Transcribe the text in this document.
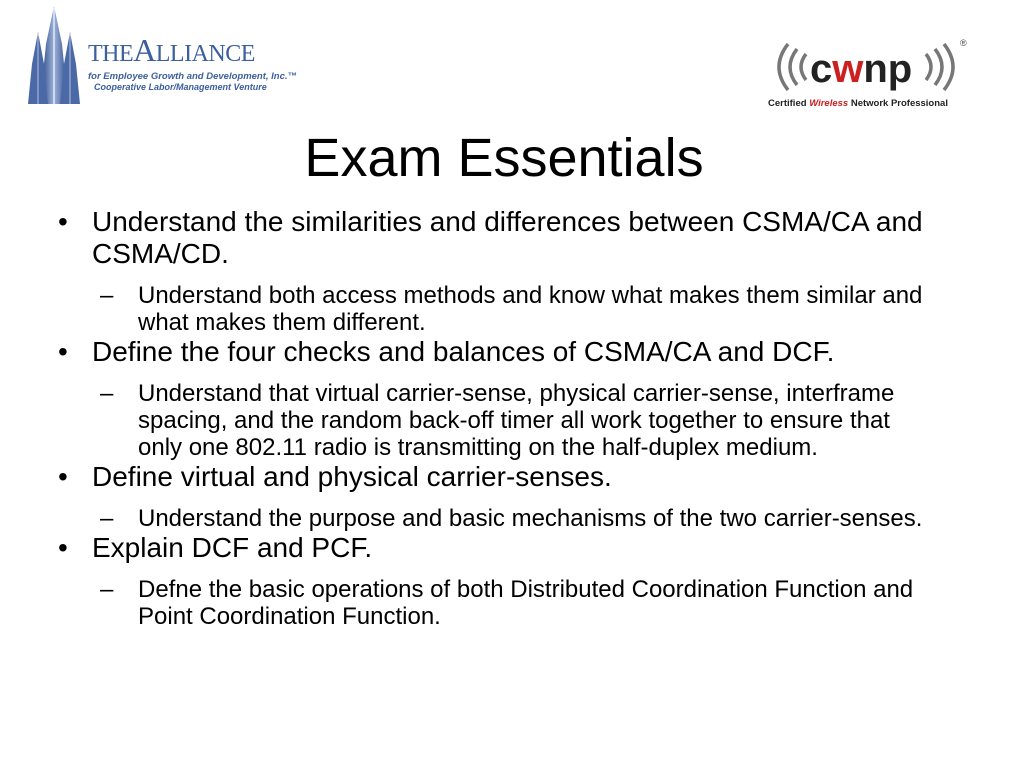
THEALLIANCE
for Employee Growth and Development, Inc.™
Cooperative Labor/Management Venture	cwnp
®
Certified Wireless Network Professional
Exam Essentials
• Understand the similarities and differences between CSMA/CA and CSMA/CD.
– Understand both access methods and know what makes them similar and what makes them different.
• Define the four checks and balances of CSMA/CA and DCF.
– Understand that virtual carrier-sense, physical carrier-sense, interframe spacing, and the random back-off timer all work together to ensure that only one 802.11 radio is transmitting on the half-duplex medium.
• Define virtual and physical carrier-senses.
– Understand the purpose and basic mechanisms of the two carrier-senses.
• Explain DCF and PCF.
– Defne the basic operations of both Distributed Coordination Function and Point Coordination Function.
